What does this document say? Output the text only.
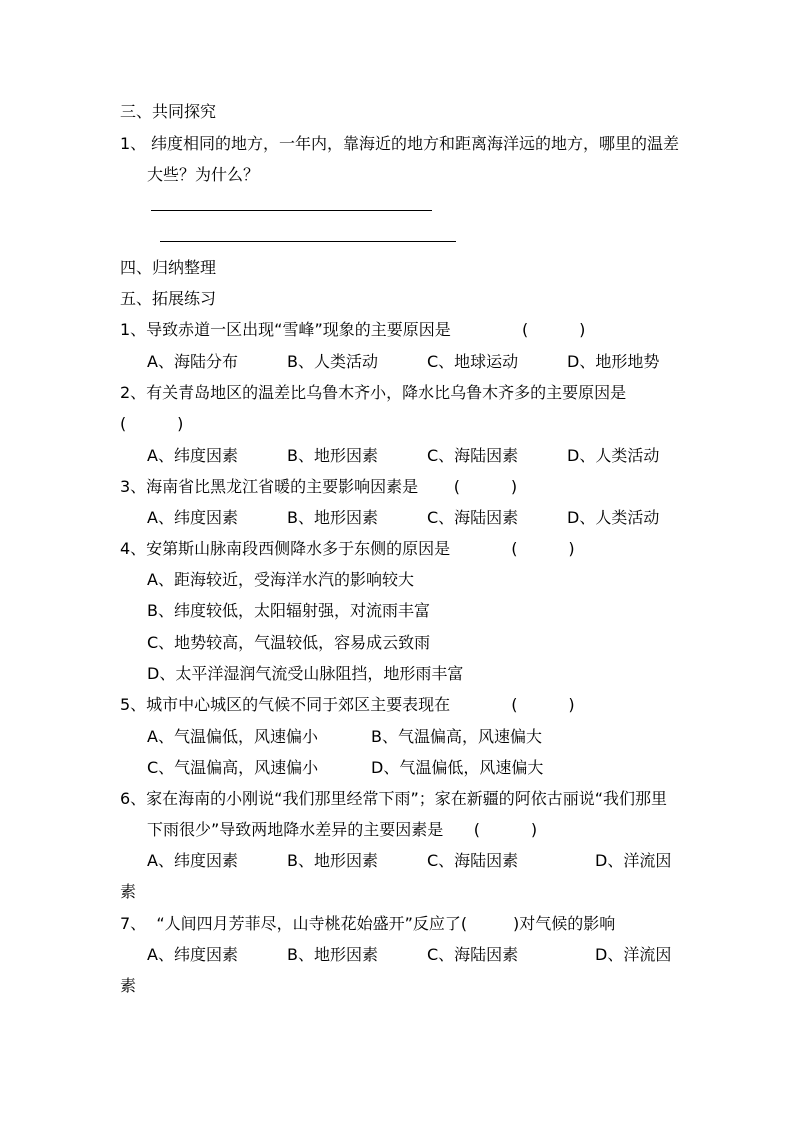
三、共同探究
1、 纬度相同的地方，一年内，靠海近的地方和距离海洋远的地方，哪里的温差
大些？为什么？
四、归纳整理
五、拓展练习
1、导致赤道一区出现“雪峰”现象的主要原因是              (          )
A、海陆分布	B、人类活动	C、地球运动	D、地形地势
2、有关青岛地区的温差比乌鲁木齐小，降水比乌鲁木齐多的主要原因是
(          )
A、纬度因素	B、地形因素	C、海陆因素	D、人类活动
3、海南省比黑龙江省暖的主要影响因素是       (          )
A、纬度因素	B、地形因素	C、海陆因素	D、人类活动
4、安第斯山脉南段西侧降水多于东侧的原因是            (          )
A、距海较近，受海洋水汽的影响较大
B、纬度较低，太阳辐射强，对流雨丰富
C、地势较高，气温较低，容易成云致雨
D、太平洋湿润气流受山脉阻挡，地形雨丰富
5、城市中心城区的气候不同于郊区主要表现在            (          )
A、气温偏低，风速偏小	B、气温偏高，风速偏大
C、气温偏高，风速偏小	D、气温偏低，风速偏大
6、家在海南的小刚说“我们那里经常下雨”；家在新疆的阿依古丽说“我们那里
下雨很少”导致两地降水差异的主要因素是      (          )
A、纬度因素	B、地形因素	C、海陆因素	D、洋流因
素
7、  “人间四月芳菲尽，山寺桃花始盛开”反应了(         )对气候的影响
A、纬度因素	B、地形因素	C、海陆因素	D、洋流因
素
